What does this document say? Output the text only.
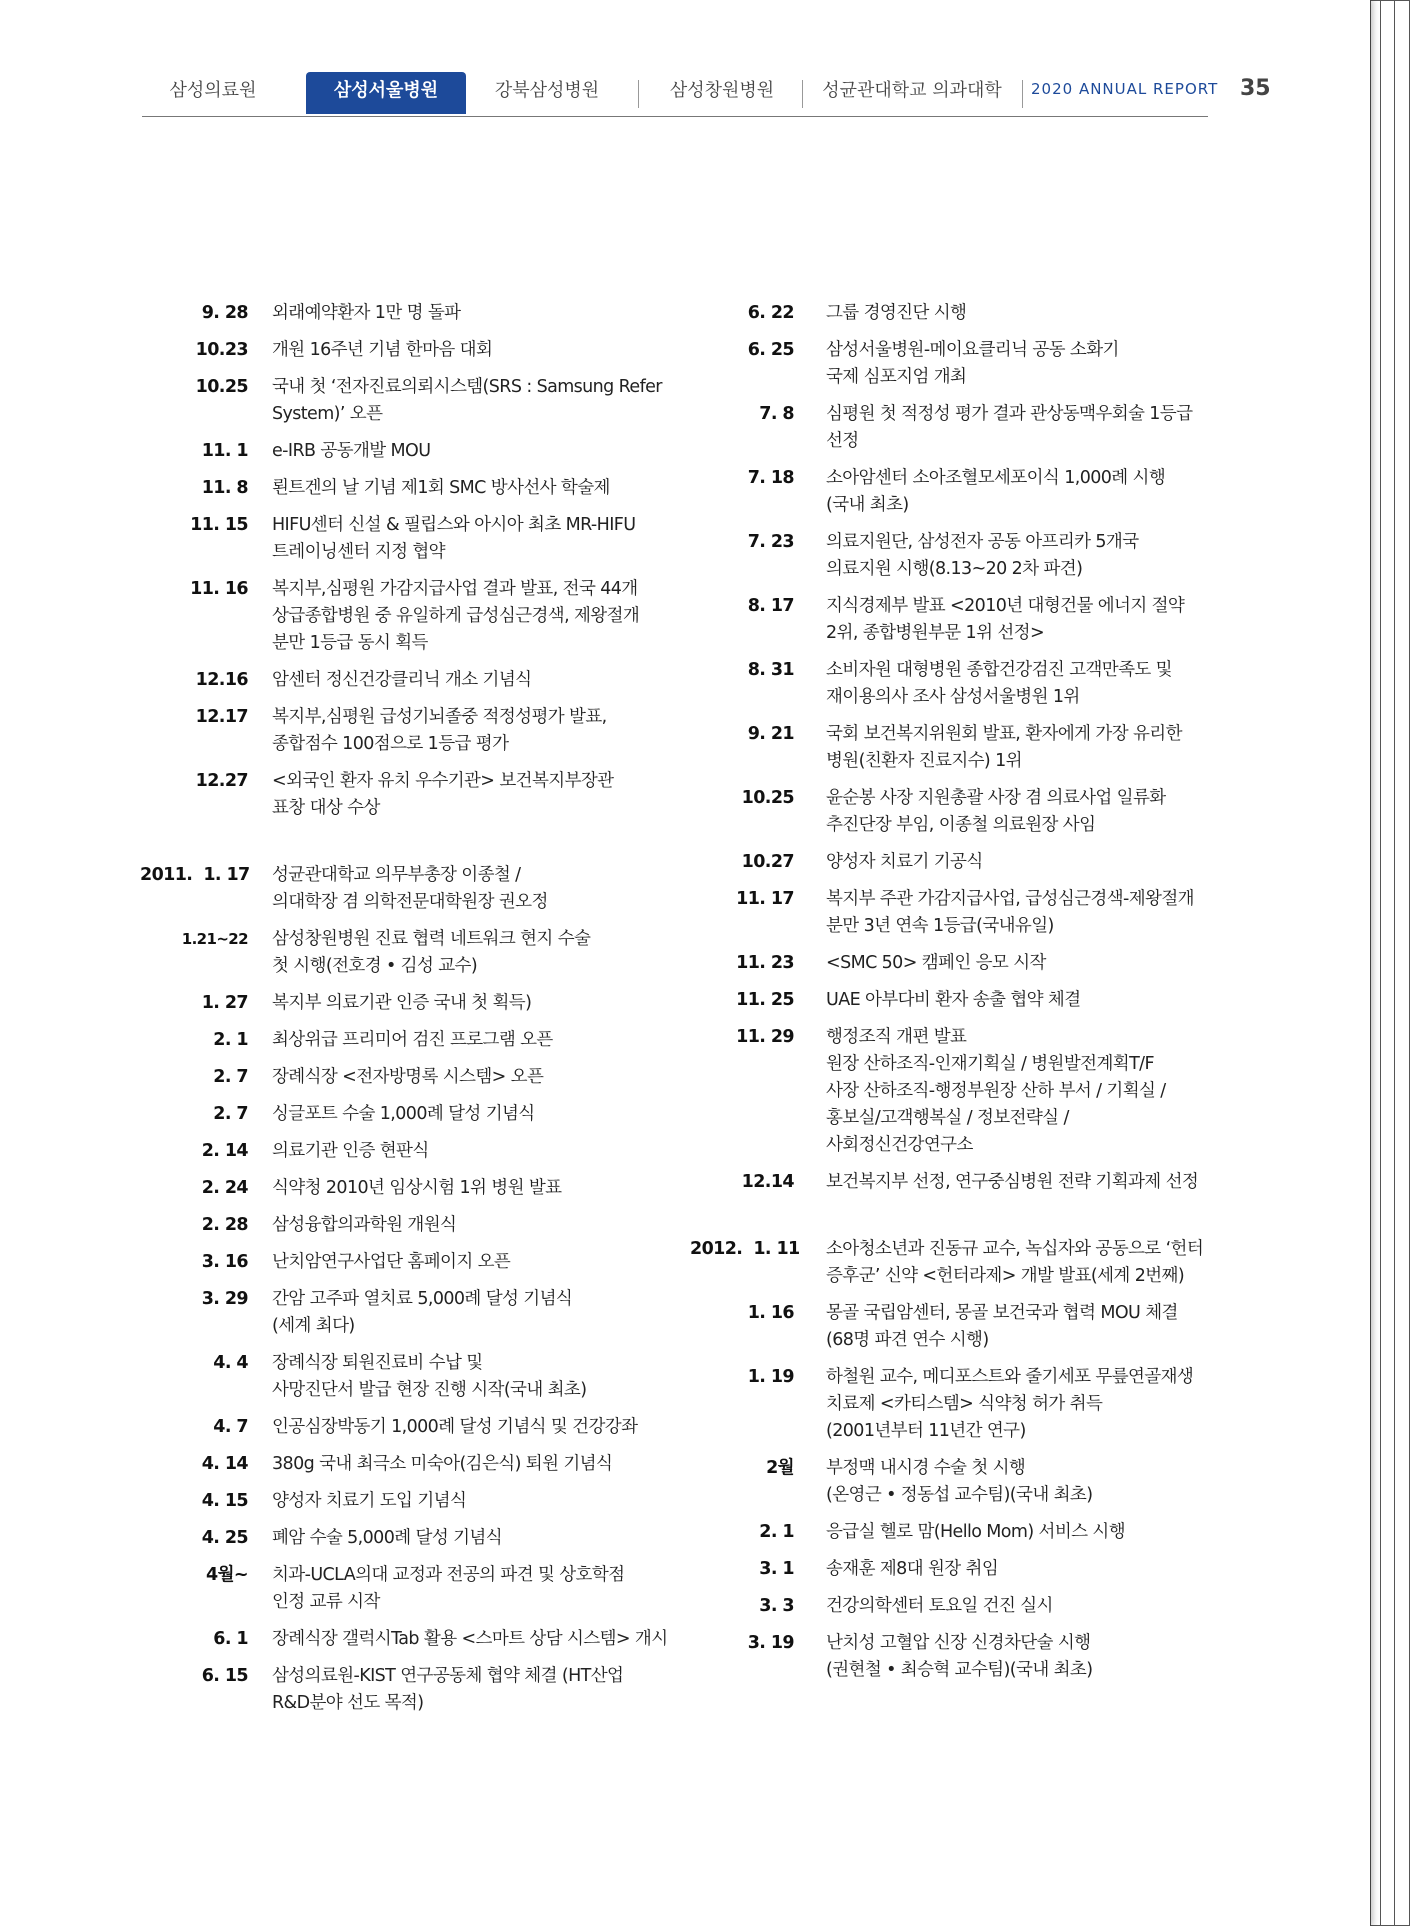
삼성의료원	삼성서울병원	강북삼성병원	삼성창원병원	성균관대학교 의과대학	2020 ANNUAL REPORT 35
9. 28	외래예약환자 1만 명 돌파
10.23	개원 16주년 기념 한마음 대회
10.25	국내 첫 ‘전자진료의뢰시스템(SRS : Samsung Refer
System)’ 오픈
11. 1	e-IRB 공동개발 MOU
11. 8	뢴트겐의 날 기념 제1회 SMC 방사선사 학술제
11. 15	HIFU센터 신설 & 필립스와 아시아 최초 MR-HIFU
트레이닝센터 지정 협약
11. 16	복지부,심평원 가감지급사업 결과 발표, 전국 44개
상급종합병원 중 유일하게 급성심근경색, 제왕절개
분만 1등급 동시 획득
12.16	암센터 정신건강클리닉 개소 기념식
12.17	복지부,심평원 급성기뇌졸중 적정성평가 발표,
종합점수 100점으로 1등급 평가
12.27	<외국인 환자 유치 우수기관> 보건복지부장관
표창 대상 수상
2011.  1. 17	성균관대학교 의무부총장 이종철 /
의대학장 겸 의학전문대학원장 권오정
1.21~22	삼성창원병원 진료 협력 네트워크 현지 수술
첫 시행(전호경 • 김성 교수)
1. 27	복지부 의료기관 인증 국내 첫 획득)
2. 1	최상위급 프리미어 검진 프로그램 오픈
2. 7	장례식장 <전자방명록 시스템> 오픈
2. 7	싱글포트 수술 1,000례 달성 기념식
2. 14	의료기관 인증 현판식
2. 24	식약청 2010년 임상시험 1위 병원 발표
2. 28	삼성융합의과학원 개원식
3. 16	난치암연구사업단 홈페이지 오픈
3. 29	간암 고주파 열치료 5,000례 달성 기념식
(세계 최다)
4. 4	장례식장 퇴원진료비 수납 및
사망진단서 발급 현장 진행 시작(국내 최초)
4. 7	인공심장박동기 1,000례 달성 기념식 및 건강강좌
4. 14	380g 국내 최극소 미숙아(김은식) 퇴원 기념식
4. 15	양성자 치료기 도입 기념식
4. 25	폐암 수술 5,000례 달성 기념식
4월~	치과-UCLA의대 교정과 전공의 파견 및 상호학점
인정 교류 시작
6. 1	장례식장 갤럭시Tab 활용 <스마트 상담 시스템> 개시
6. 15	삼성의료원-KIST 연구공동체 협약 체결 (HT산업
R&D분야 선도 목적)
6. 22	그룹 경영진단 시행
6. 25	삼성서울병원-메이요클리닉 공동 소화기
국제 심포지엄 개최
7. 8	심평원 첫 적정성 평가 결과 관상동맥우회술 1등급
선정
7. 18	소아암센터 소아조혈모세포이식 1,000례 시행
(국내 최초)
7. 23	의료지원단, 삼성전자 공동 아프리카 5개국
의료지원 시행(8.13~20 2차 파견)
8. 17	지식경제부 발표 <2010년 대형건물 에너지 절약
2위, 종합병원부문 1위 선정>
8. 31	소비자원 대형병원 종합건강검진 고객만족도 및
재이용의사 조사 삼성서울병원 1위
9. 21	국회 보건복지위원회 발표, 환자에게 가장 유리한
병원(친환자 진료지수) 1위
10.25	윤순봉 사장 지원총괄 사장 겸 의료사업 일류화
추진단장 부임, 이종철 의료원장 사임
10.27	양성자 치료기 기공식
11. 17	복지부 주관 가감지급사업, 급성심근경색-제왕절개
분만 3년 연속 1등급(국내유일)
11. 23	<SMC 50> 캠페인 응모 시작
11. 25	UAE 아부다비 환자 송출 협약 체결
11. 29	행정조직 개편 발표
원장 산하조직-인재기획실 / 병원발전계획T/F
사장 산하조직-행정부원장 산하 부서 / 기획실 /
홍보실/고객행복실 / 정보전략실 /
사회정신건강연구소
12.14	보건복지부 선정, 연구중심병원 전략 기획과제 선정
2012.  1. 11	소아청소년과 진동규 교수, 녹십자와 공동으로 ‘헌터
증후군’ 신약 <헌터라제> 개발 발표(세계 2번째)
1. 16	몽골 국립암센터, 몽골 보건국과 협력 MOU 체결
(68명 파견 연수 시행)
1. 19	하철원 교수, 메디포스트와 줄기세포 무릎연골재생
치료제 <카티스템> 식약청 허가 취득
(2001년부터 11년간 연구)
2월	부정맥 내시경 수술 첫 시행
(온영근 • 정동섭 교수팀)(국내 최초)
2. 1	응급실 헬로 맘(Hello Mom) 서비스 시행
3. 1	송재훈 제8대 원장 취임
3. 3	건강의학센터 토요일 건진 실시
3. 19	난치성 고혈압 신장 신경차단술 시행
(권현철 • 최승혁 교수팀)(국내 최초)
